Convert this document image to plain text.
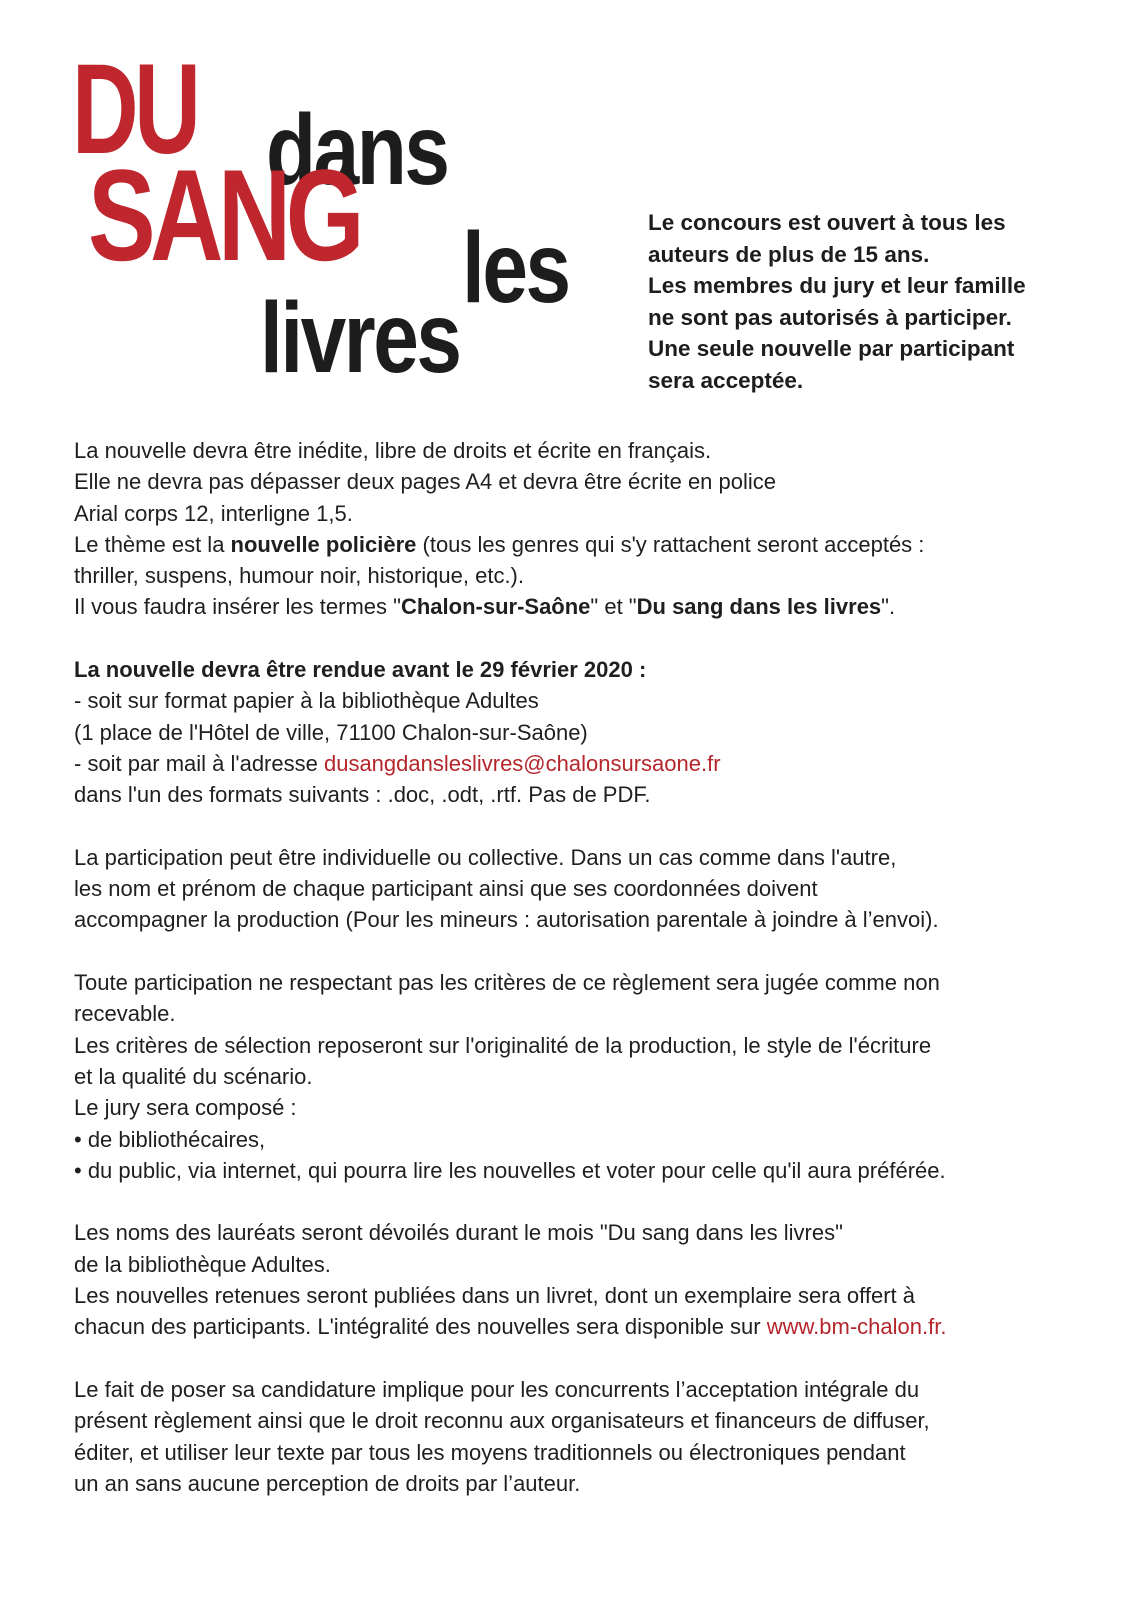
DU dans
SANG les
livres
Le concours est ouvert à tous les
auteurs de plus de 15 ans.
Les membres du jury et leur famille
ne sont pas autorisés à participer.
Une seule nouvelle par participant
sera acceptée.
La nouvelle devra être inédite, libre de droits et écrite en français.
Elle ne devra pas dépasser deux pages A4 et devra être écrite en police
Arial corps 12, interligne 1,5.
Le thème est la nouvelle policière (tous les genres qui s'y rattachent seront acceptés :
thriller, suspens, humour noir, historique, etc.).
Il vous faudra insérer les termes "Chalon-sur-Saône" et "Du sang dans les livres".
La nouvelle devra être rendue avant le 29 février 2020 :
- soit sur format papier à la bibliothèque Adultes
(1 place de l'Hôtel de ville, 71100 Chalon-sur-Saône)
- soit par mail à l'adresse dusangdansleslivres@chalonsursaone.fr
dans l'un des formats suivants : .doc, .odt, .rtf. Pas de PDF.
La participation peut être individuelle ou collective. Dans un cas comme dans l'autre,
les nom et prénom de chaque participant ainsi que ses coordonnées doivent
accompagner la production (Pour les mineurs : autorisation parentale à joindre à l’envoi).
Toute participation ne respectant pas les critères de ce règlement sera jugée comme non
recevable.
Les critères de sélection reposeront sur l'originalité de la production, le style de l'écriture
et la qualité du scénario.
Le jury sera composé :
• de bibliothécaires,
• du public, via internet, qui pourra lire les nouvelles et voter pour celle qu'il aura préférée.
Les noms des lauréats seront dévoilés durant le mois "Du sang dans les livres"
de la bibliothèque Adultes.
Les nouvelles retenues seront publiées dans un livret, dont un exemplaire sera offert à
chacun des participants. L'intégralité des nouvelles sera disponible sur www.bm-chalon.fr.
Le fait de poser sa candidature implique pour les concurrents l’acceptation intégrale du
présent règlement ainsi que le droit reconnu aux organisateurs et financeurs de diffuser,
éditer, et utiliser leur texte par tous les moyens traditionnels ou électroniques pendant
un an sans aucune perception de droits par l’auteur.
